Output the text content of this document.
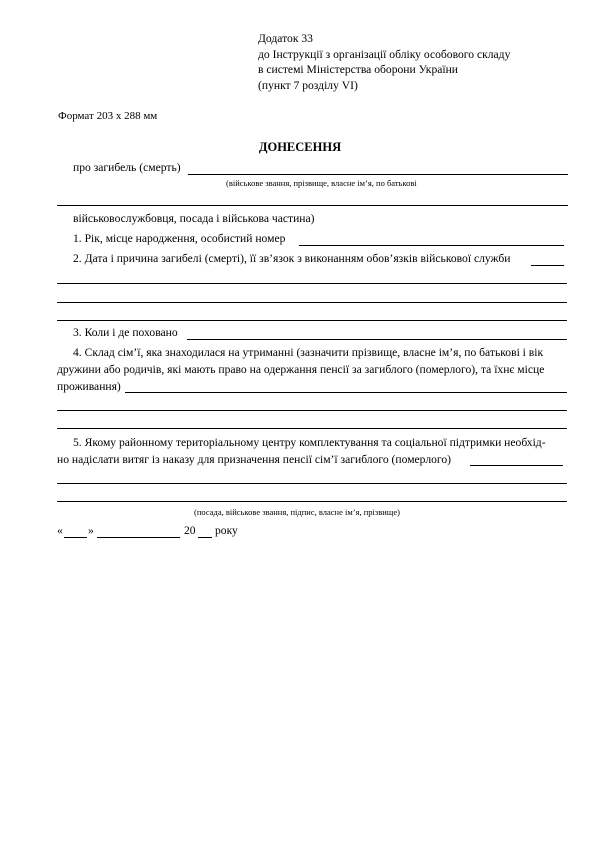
Додаток 33
до Інструкції з організації обліку особового складу
в системі Міністерства оборони України
(пункт 7 розділу VI)
Формат 203 х 288 мм
ДОНЕСЕННЯ
про загибель (смерть)
(військове звання, прізвище, власне ім’я, по батькові
військовослужбовця, посада і військова частина)
1. Рік, місце народження, особистий номер
2. Дата і причина загибелі (смерті), її зв’язок з виконанням обов’язків військової служби
3. Коли і де поховано
4. Склад сім’ї, яка знаходилася на утриманні (зазначити прізвище, власне ім’я, по батькові і вік
дружини або родичів, які мають право на одержання пенсії за загиблого (померлого), та їхнє місце
проживання)
5. Якому районному територіальному центру комплектування та соціальної підтримки необхід-
но надіслати витяг із наказу для призначення пенсії сім’ї загиблого (померлого)
(посада, військове звання, підпис, власне ім’я, прізвище)
« »	20 року
